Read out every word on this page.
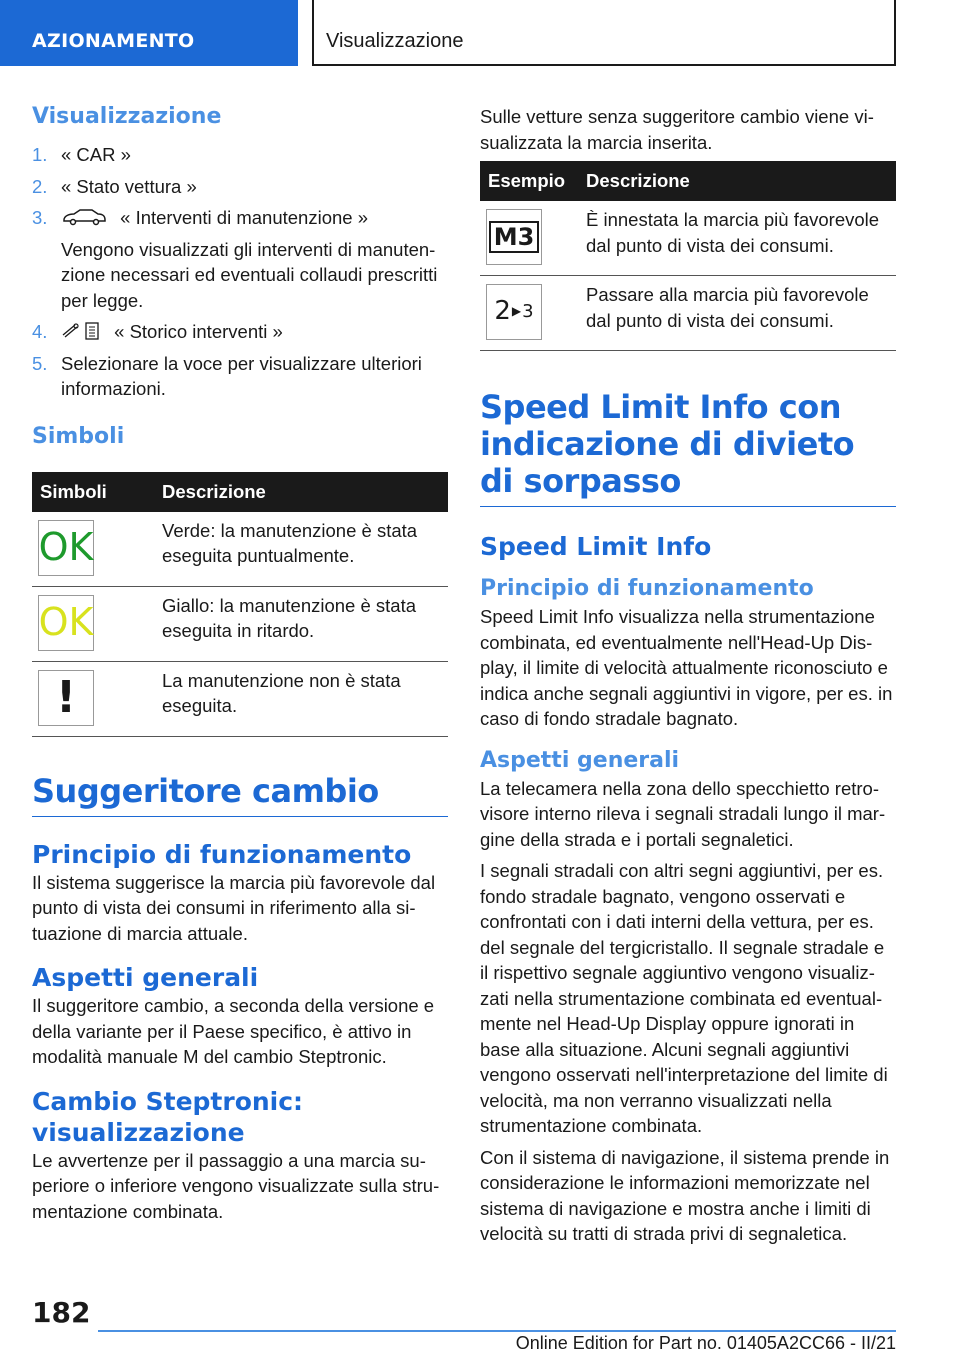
AZIONAMENTO	Visualizzazione
Visualizzazione
1. « CAR »
2. « Stato vettura »
3.	« Interventi di manutenzione »
Vengono visualizzati gli interventi di manutenzione necessari ed eventuali collaudi prescritti per legge.
4.	« Storico interventi »
5. Selezionare la voce per visualizzare ulteriori informazioni.
Simboli
Simboli	Descrizione

OK	Verde: la manutenzione è stata eseguita puntualmente.

OK	Giallo: la manutenzione è stata eseguita in ritardo.

!	La manutenzione non è stata eseguita.
Suggeritore cambio
Principio di funzionamento

Il sistema suggerisce la marcia più favorevole dal punto di vista dei consumi in riferimento alla situazione di marcia attuale.

Aspetti generali

Il suggeritore cambio, a seconda della versione e della variante per il Paese specifico, è attivo in modalità manuale M del cambio Steptronic.

Cambio Steptronic: visualizzazione

Le avvertenze per il passaggio a una marcia superiore o inferiore vengono visualizzate sulla strumentazione combinata.

Sulle vetture senza suggeritore cambio viene visualizzata la marcia inserita.

Esempio	Descrizione

M3	È innestata la marcia più favorevole dal punto di vista dei consumi.

2 ▶ 3	Passare alla marcia più favorevole dal punto di vista dei consumi.
Speed Limit Info con indicazione di divieto di sorpasso
Speed Limit Info
Principio di funzionamento

Speed Limit Info visualizza nella strumentazione combinata, ed eventualmente nell'Head-Up Display, il limite di velocità attualmente riconosciuto e indica anche segnali aggiuntivi in vigore, per es. in caso di fondo stradale bagnato.

Aspetti generali

La telecamera nella zona dello specchietto retrovisore interno rileva i segnali stradali lungo il margine della strada e i portali segnaletici.

I segnali stradali con altri segni aggiuntivi, per es. fondo stradale bagnato, vengono osservati e confrontati con i dati interni della vettura, per es. del segnale del tergicristallo. Il segnale stradale e il rispettivo segnale aggiuntivo vengono visualizzati nella strumentazione combinata ed eventualmente nel Head-Up Display oppure ignorati in base alla situazione. Alcuni segnali aggiuntivi vengono osservati nell'interpretazione del limite di velocità, ma non verranno visualizzati nella strumentazione combinata.

Con il sistema di navigazione, il sistema prende in considerazione le informazioni memorizzate nel sistema di navigazione e mostra anche i limiti di velocità su tratti di strada privi di segnaletica.

182
Online Edition for Part no. 01405A2CC66 - II/21
